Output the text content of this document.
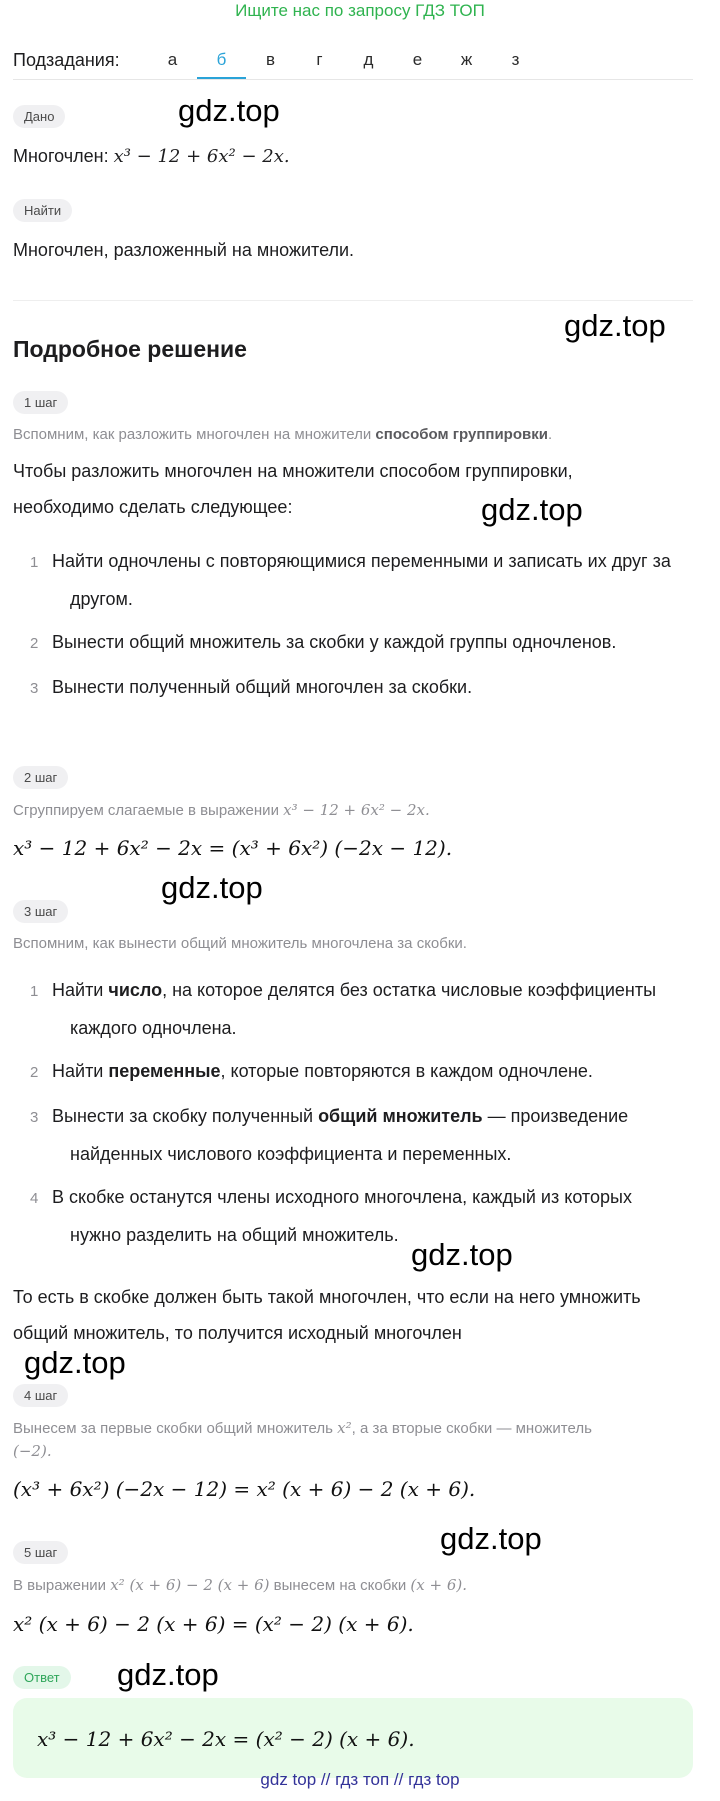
Ищите нас по запросу ГДЗ ТОП
Подзадания:	а	б	в	г	д	е	ж	з
Дано
Многочлен: x³ − 12 + 6x² − 2x.
Найти
Многочлен, разложенный на множители.
Подробное решение
1 шаг
Вспомним, как разложить многочлен на множители способом группировки.
Чтобы разложить многочлен на множители способом группировки,
необходимо сделать следующее:
1 Найти одночлены с повторяющимися переменными и записать их друг за
другом.
2 Вынести общий множитель за скобки у каждой группы одночленов.
3 Вынести полученный общий многочлен за скобки.
2 шаг
Сгруппируем слагаемые в выражении x³ − 12 + 6x² − 2x.
x³ − 12 + 6x² − 2x = (x³ + 6x²) (−2x − 12).
3 шаг
Вспомним, как вынести общий множитель многочлена за скобки.
1 Найти число, на которое делятся без остатка числовые коэффициенты
каждого одночлена.
2 Найти переменные, которые повторяются в каждом одночлене.
3 Вынести за скобку полученный общий множитель — произведение
найденных числового коэффициента и переменных.
4 В скобке останутся члены исходного многочлена, каждый из которых
нужно разделить на общий множитель.
То есть в скобке должен быть такой многочлен, что если на него умножить
общий множитель, то получится исходный многочлен
4 шаг
Вынесем за первые скобки общий множитель x², а за вторые скобки — множитель
(−2).
(x³ + 6x²) (−2x − 12) = x² (x + 6) − 2 (x + 6).
5 шаг
В выражении x² (x + 6) − 2 (x + 6) вынесем на скобки (x + 6).
x² (x + 6) − 2 (x + 6) = (x² − 2) (x + 6).
Ответ
x³ − 12 + 6x² − 2x = (x² − 2) (x + 6).
gdz.top
gdz.top
gdz.top
gdz.top
gdz.top
gdz.top
gdz.top
gdz.top
gdz top // гдз топ // гдз top
